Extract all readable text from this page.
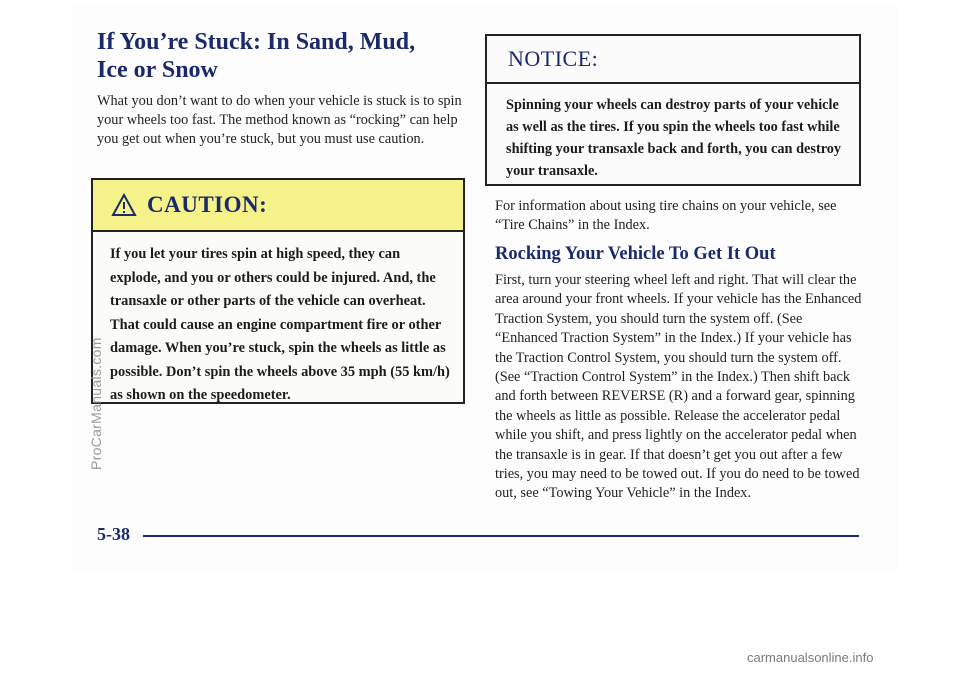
If You’re Stuck: In Sand, Mud,
Ice or Snow

What you don’t want to do when your vehicle is stuck is to spin your wheels too fast. The method known as “rocking” can help you get out when you’re stuck, but you must use caution.

CAUTION:

If you let your tires spin at high speed, they can explode, and you or others could be injured. And, the transaxle or other parts of the vehicle can overheat. That could cause an engine compartment fire or other damage. When you’re stuck, spin the wheels as little as possible. Don’t spin the wheels above 35 mph (55 km/h) as shown on the speedometer.

NOTICE:

Spinning your wheels can destroy parts of your vehicle as well as the tires. If you spin the wheels too fast while shifting your transaxle back and forth, you can destroy your transaxle.

For information about using tire chains on your vehicle, see “Tire Chains” in the Index.

Rocking Your Vehicle To Get It Out

First, turn your steering wheel left and right. That will clear the area around your front wheels. If your vehicle has the Enhanced Traction System, you should turn the system off. (See “Enhanced Traction System” in the Index.) If your vehicle has the Traction Control System, you should turn the system off. (See “Traction Control System” in the Index.) Then shift back and forth between REVERSE (R) and a forward gear, spinning the wheels as little as possible. Release the accelerator pedal while you shift, and press lightly on the accelerator pedal when the transaxle is in gear. If that doesn’t get you out after a few tries, you may need to be towed out. If you do need to be towed out, see “Towing Your Vehicle” in the Index.

5-38
ProCarManuals.com
carmanualsonline.info
